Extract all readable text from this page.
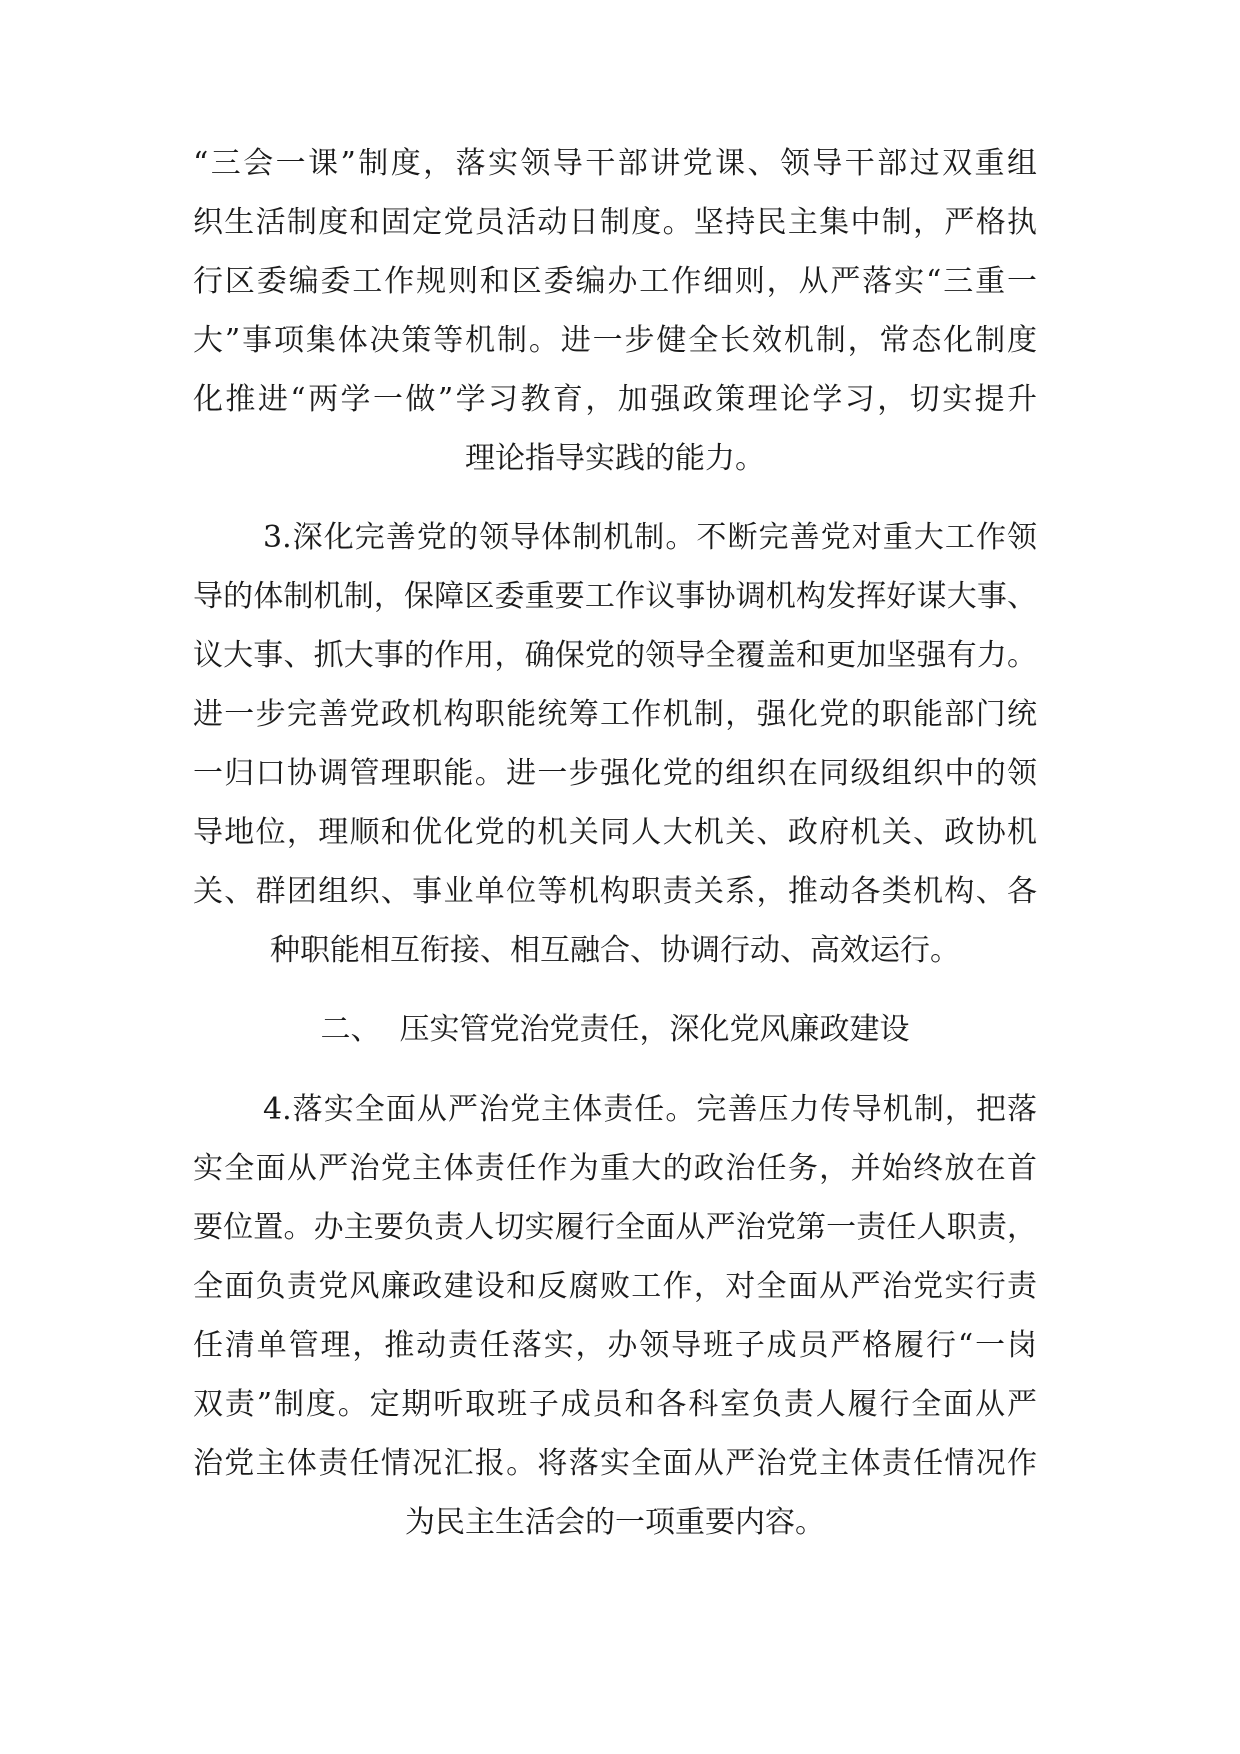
“三会一课”制度，落实领导干部讲党课、领导干部过双重组
织生活制度和固定党员活动日制度。坚持民主集中制，严格执
行区委编委工作规则和区委编办工作细则，从严落实“三重一
大”事项集体决策等机制。进一步健全长效机制，常态化制度
化推进“两学一做”学习教育，加强政策理论学习，切实提升
理论指导实践的能力。
3.深化完善党的领导体制机制。不断完善党对重大工作领
导的体制机制，保障区委重要工作议事协调机构发挥好谋大事、
议大事、抓大事的作用，确保党的领导全覆盖和更加坚强有力。
进一步完善党政机构职能统筹工作机制，强化党的职能部门统
一归口协调管理职能。进一步强化党的组织在同级组织中的领
导地位，理顺和优化党的机关同人大机关、政府机关、政协机
关、群团组织、事业单位等机构职责关系，推动各类机构、各
种职能相互衔接、相互融合、协调行动、高效运行。
二、  压实管党治党责任，深化党风廉政建设
4.落实全面从严治党主体责任。完善压力传导机制，把落
实全面从严治党主体责任作为重大的政治任务，并始终放在首
要位置。办主要负责人切实履行全面从严治党第一责任人职责，
全面负责党风廉政建设和反腐败工作，对全面从严治党实行责
任清单管理，推动责任落实，办领导班子成员严格履行“一岗
双责”制度。定期听取班子成员和各科室负责人履行全面从严
治党主体责任情况汇报。将落实全面从严治党主体责任情况作
为民主生活会的一项重要内容。
